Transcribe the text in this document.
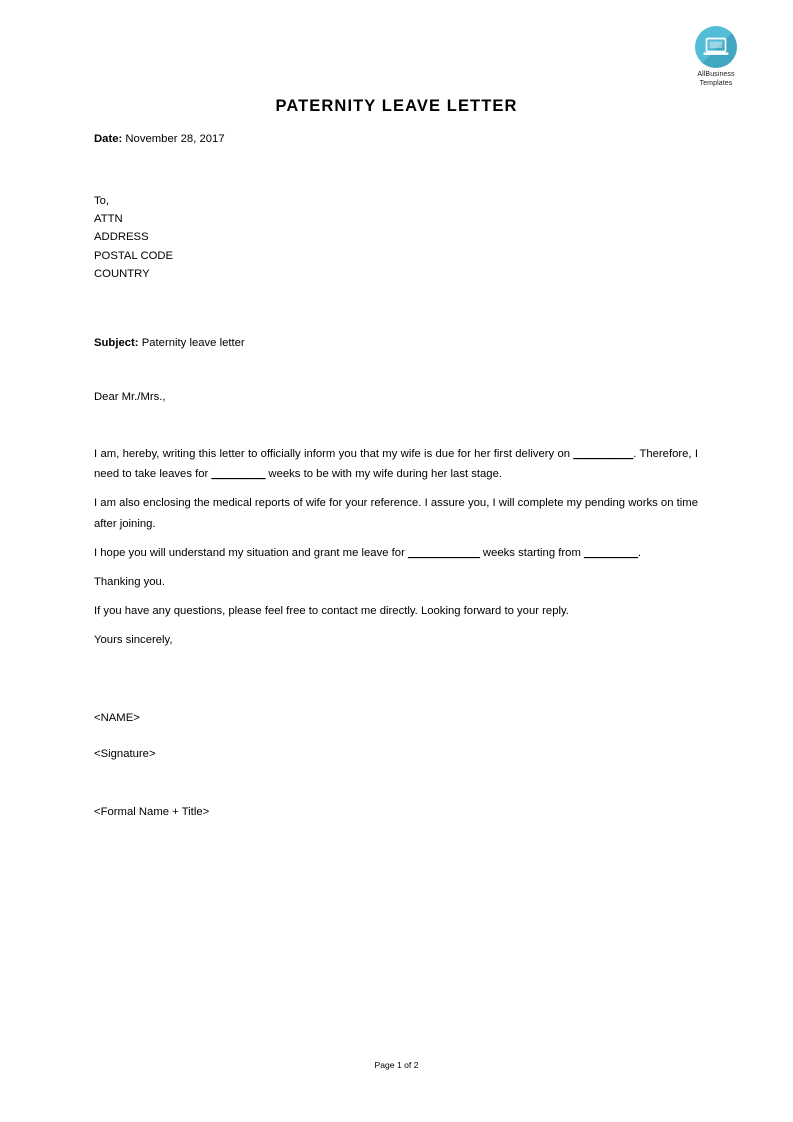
AllBusiness
Templates
PATERNITY LEAVE LETTER

Date: November 28, 2017

To,
ATTN
ADDRESS
POSTAL CODE
COUNTRY
Subject: Paternity leave letter
Dear Mr./Mrs.,

I am, hereby, writing this letter to officially inform you that my wife is due for her first delivery on __________. Therefore, I need to take leaves for _________ weeks to be with my wife during her last stage.

I am also enclosing the medical reports of wife for your reference. I assure you, I will complete my pending works on time after joining.

I hope you will understand my situation and grant me leave for ____________ weeks starting from _________.

Thanking you.

If you have any questions, please feel free to contact me directly. Looking forward to your reply.

Yours sincerely,

<NAME>

<Signature>

<Formal Name + Title>

Page 1 of 2
